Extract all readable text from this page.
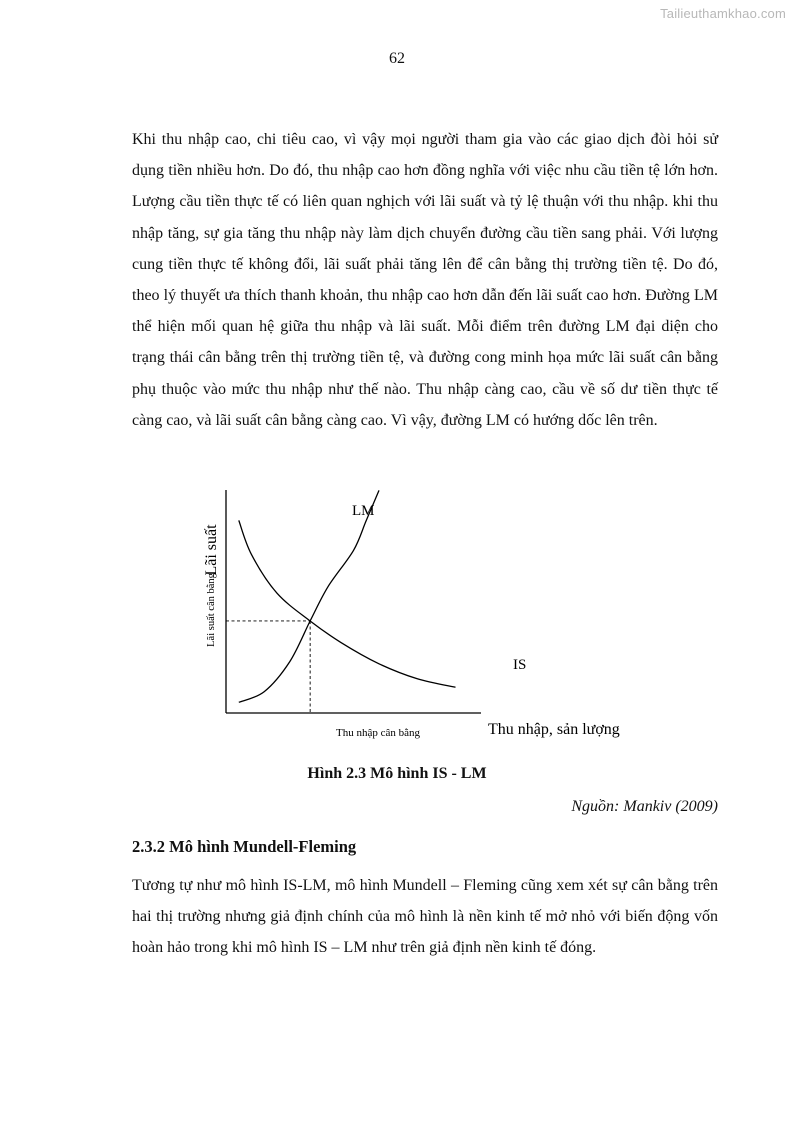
Tailieuthamkhao.com
62

Khi thu nhập cao, chi tiêu cao, vì vậy mọi người tham gia vào các giao dịch đòi hỏi sử dụng tiền nhiều hơn. Do đó, thu nhập cao hơn đồng nghĩa với việc nhu cầu tiền tệ lớn hơn. Lượng cầu tiền thực tế có liên quan nghịch với lãi suất và tỷ lệ thuận với thu nhập. khi thu nhập tăng, sự gia tăng thu nhập này làm dịch chuyển đường cầu tiền sang phải. Với lượng cung tiền thực tế không đổi, lãi suất phải tăng lên để cân bằng thị trường tiền tệ. Do đó, theo lý thuyết ưa thích thanh khoản, thu nhập cao hơn dẫn đến lãi suất cao hơn. Đường LM thể hiện mối quan hệ giữa thu nhập và lãi suất. Mỗi điểm trên đường LM đại diện cho trạng thái cân bằng trên thị trường tiền tệ, và đường cong minh họa mức lãi suất cân bằng phụ thuộc vào mức thu nhập như thế nào. Thu nhập càng cao, cầu về số dư tiền thực tế càng cao, và lãi suất cân bằng càng cao. Vì vậy, đường LM có hướng dốc lên trên.

Lãi suất
Lãi suất cân bằng
Thu nhập, sản lượng
Thu nhập cân bằng
LM
IS
Hình 2.3 Mô hình IS - LM
Nguồn: Mankiv (2009)
2.3.2 Mô hình Mundell-Fleming

Tương tự như mô hình IS-LM, mô hình Mundell – Fleming cũng xem xét sự cân bằng trên hai thị trường nhưng giả định chính của mô hình là nền kinh tế mở nhỏ với biến động vốn hoàn hảo trong khi mô hình IS – LM như trên giả định nền kinh tế đóng.
